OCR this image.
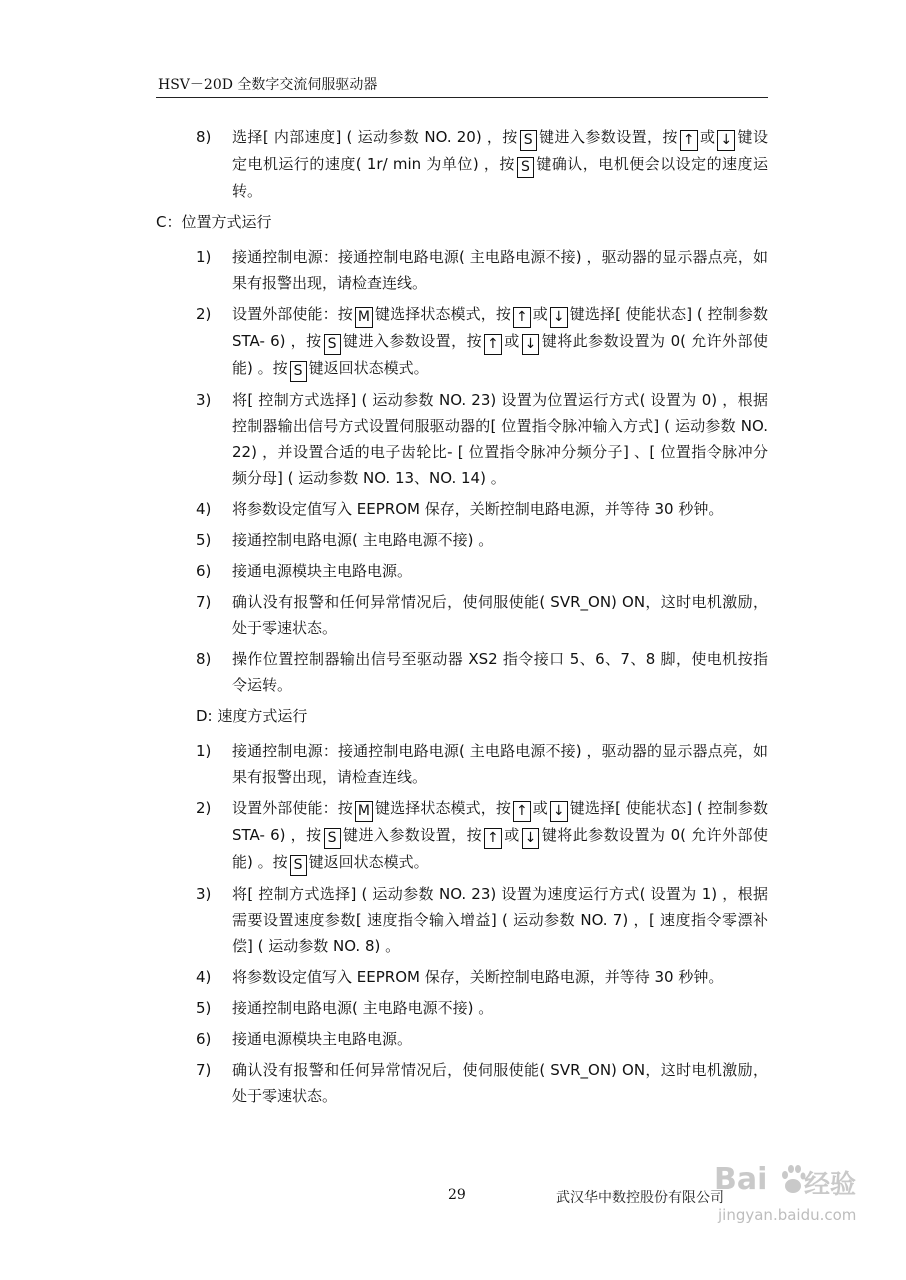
HSV－20D 全数字交流伺服驱动器
8) 选择[ 内部速度] ( 运动参数 NO. 20) ，按 S 键进入参数设置，按 ↑ 或 ↓ 键设定电机运行的速度( 1r/ min 为单位) ，按 S 键确认，电机便会以设定的速度运转。
C：位置方式运行
1) 接通控制电源：接通控制电路电源( 主电路电源不接) ，驱动器的显示器点亮，如果有报警出现，请检查连线。
2) 设置外部使能：按 M 键选择状态模式，按 ↑ 或 ↓ 键选择[ 使能状态] ( 控制参数 STA- 6) ，按 S 键进入参数设置，按 ↑ 或 ↓ 键将此参数设置为 0( 允许外部使能) 。按 S 键返回状态模式。
3) 将[ 控制方式选择] ( 运动参数 NO. 23) 设置为位置运行方式( 设置为 0) ，根据控制器输出信号方式设置伺服驱动器的[ 位置指令脉冲输入方式] ( 运动参数 NO. 22) ，并设置合适的电子齿轮比- [ 位置指令脉冲分频分子] 、[ 位置指令脉冲分频分母] ( 运动参数 NO. 13、NO. 14) 。
4) 将参数设定值写入 EEPROM 保存，关断控制电路电源，并等待 30 秒钟。
5) 接通控制电路电源( 主电路电源不接) 。
6) 接通电源模块主电路电源。
7) 确认没有报警和任何异常情况后，使伺服使能( SVR_ON) ON，这时电机激励，处于零速状态。
8) 操作位置控制器输出信号至驱动器 XS2 指令接口 5、6、7、8 脚，使电机按指令运转。
D: 速度方式运行
1) 接通控制电源：接通控制电路电源( 主电路电源不接) ，驱动器的显示器点亮，如果有报警出现，请检查连线。
2) 设置外部使能：按 M 键选择状态模式，按 ↑ 或 ↓ 键选择[ 使能状态] ( 控制参数 STA- 6) ，按 S 键进入参数设置，按 ↑ 或 ↓ 键将此参数设置为 0( 允许外部使能) 。按 S 键返回状态模式。
3) 将[ 控制方式选择] ( 运动参数 NO. 23) 设置为速度运行方式( 设置为 1) ，根据需要设置速度参数[ 速度指令输入增益] ( 运动参数 NO. 7) ，[ 速度指令零漂补偿] ( 运动参数 NO. 8) 。
4) 将参数设定值写入 EEPROM 保存，关断控制电路电源，并等待 30 秒钟。
5) 接通控制电路电源( 主电路电源不接) 。
6) 接通电源模块主电路电源。
7) 确认没有报警和任何异常情况后，使伺服使能( SVR_ON) ON，这时电机激励，处于零速状态。
29	武汉华中数控股份有限公司
Bai 经验
jingyan.baidu.com
